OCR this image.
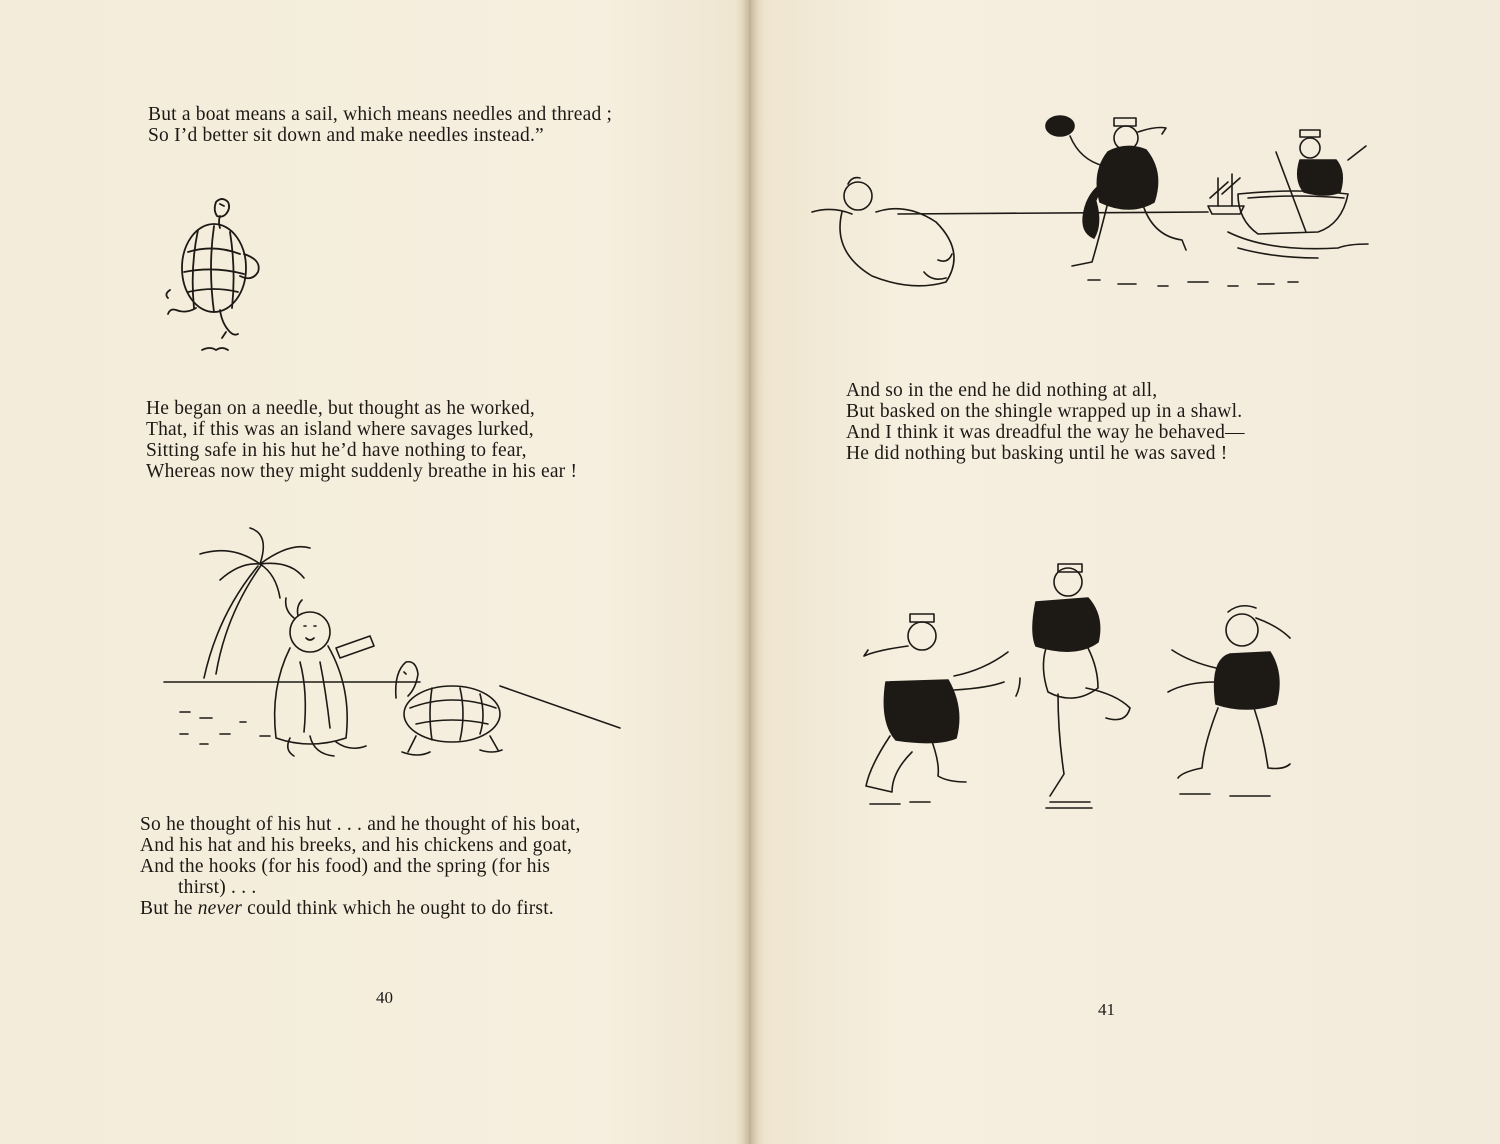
But a boat means a sail, which means needles and thread ;
So I’d better sit down and make needles instead.”
He began on a needle, but thought as he worked,
That, if this was an island where savages lurked,
Sitting safe in his hut he’d have nothing to fear,
Whereas now they might suddenly breathe in his ear !
So he thought of his hut . . . and he thought of his boat,
And his hat and his breeks, and his chickens and goat,
And the hooks (for his food) and the spring (for his
thirst) . . .
But he never could think which he ought to do first.
40
And so in the end he did nothing at all,
But basked on the shingle wrapped up in a shawl.
And I think it was dreadful the way he behaved—
He did nothing but basking until he was saved !
41
